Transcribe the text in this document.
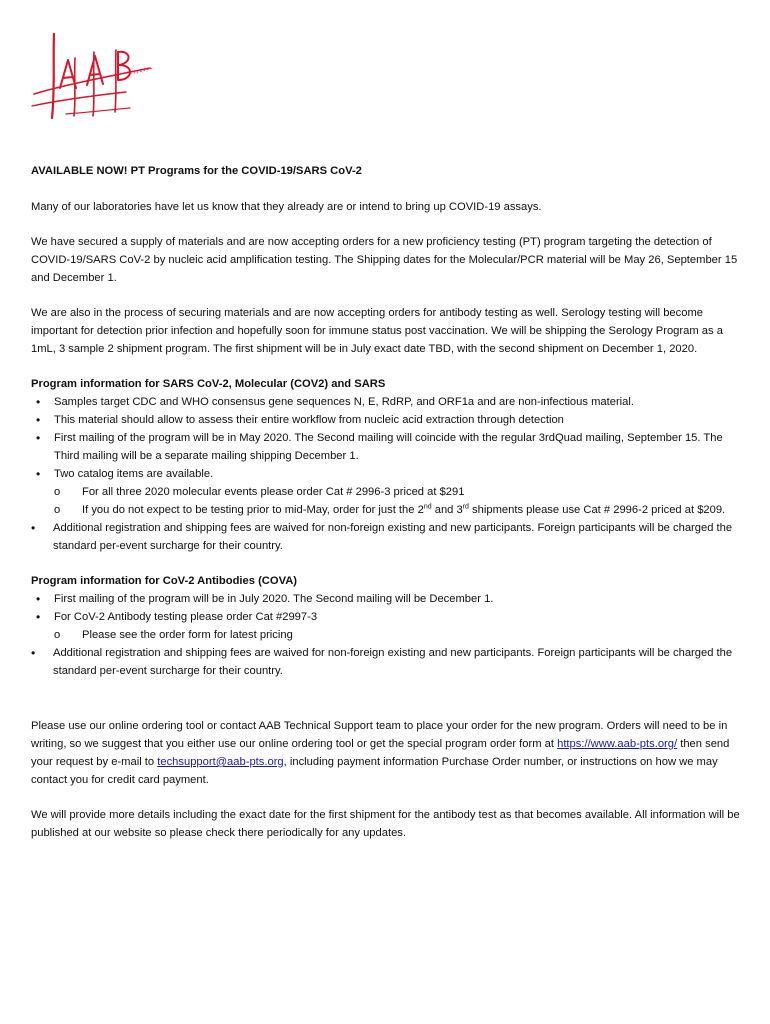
AVAILABLE NOW! PT Programs for the COVID-19/SARS CoV-2

Many of our laboratories have let us know that they already are or intend to bring up COVID-19 assays.

We have secured a supply of materials and are now accepting orders for a new proficiency testing (PT) program targeting the detection of COVID-19/SARS CoV-2 by nucleic acid amplification testing. The Shipping dates for the Molecular/PCR material will be May 26, September 15 and December 1.

We are also in the process of securing materials and are now accepting orders for antibody testing as well. Serology testing will become important for detection prior infection and hopefully soon for immune status post vaccination. We will be shipping the Serology Program as a 1mL, 3 sample 2 shipment program. The first shipment will be in July exact date TBD, with the second shipment on December 1, 2020.

Program information for SARS CoV-2, Molecular (COV2) and SARS

• Samples target CDC and WHO consensus gene sequences N, E, RdRP, and ORF1a and are non-infectious material.
• This material should allow to assess their entire workflow from nucleic acid extraction through detection
• First mailing of the program will be in May 2020. The Second mailing will coincide with the regular 3rdQuad mailing, September 15. The Third mailing will be a separate mailing shipping December 1.
• Two catalog items are available.
o For all three 2020 molecular events please order Cat # 2996-3 priced at $291
o If you do not expect to be testing prior to mid-May, order for just the 2nd and 3rd shipments please use Cat # 2996-2 priced at $209.
• Additional registration and shipping fees are waived for non-foreign existing and new participants. Foreign participants will be charged the standard per-event surcharge for their country.

Program information for CoV-2 Antibodies (COVA)

• First mailing of the program will be in July 2020. The Second mailing will be December 1.
• For CoV-2 Antibody testing please order Cat #2997-3
o Please see the order form for latest pricing
• Additional registration and shipping fees are waived for non-foreign existing and new participants. Foreign participants will be charged the standard per-event surcharge for their country.

Please use our online ordering tool or contact AAB Technical Support team to place your order for the new program. Orders will need to be in writing, so we suggest that you either use our online ordering tool or get the special program order form at https://www.aab-pts.org/ then send your request by e-mail to techsupport@aab-pts.org, including payment information Purchase Order number, or instructions on how we may contact you for credit card payment.

We will provide more details including the exact date for the first shipment for the antibody test as that becomes available. All information will be published at our website so please check there periodically for any updates.
